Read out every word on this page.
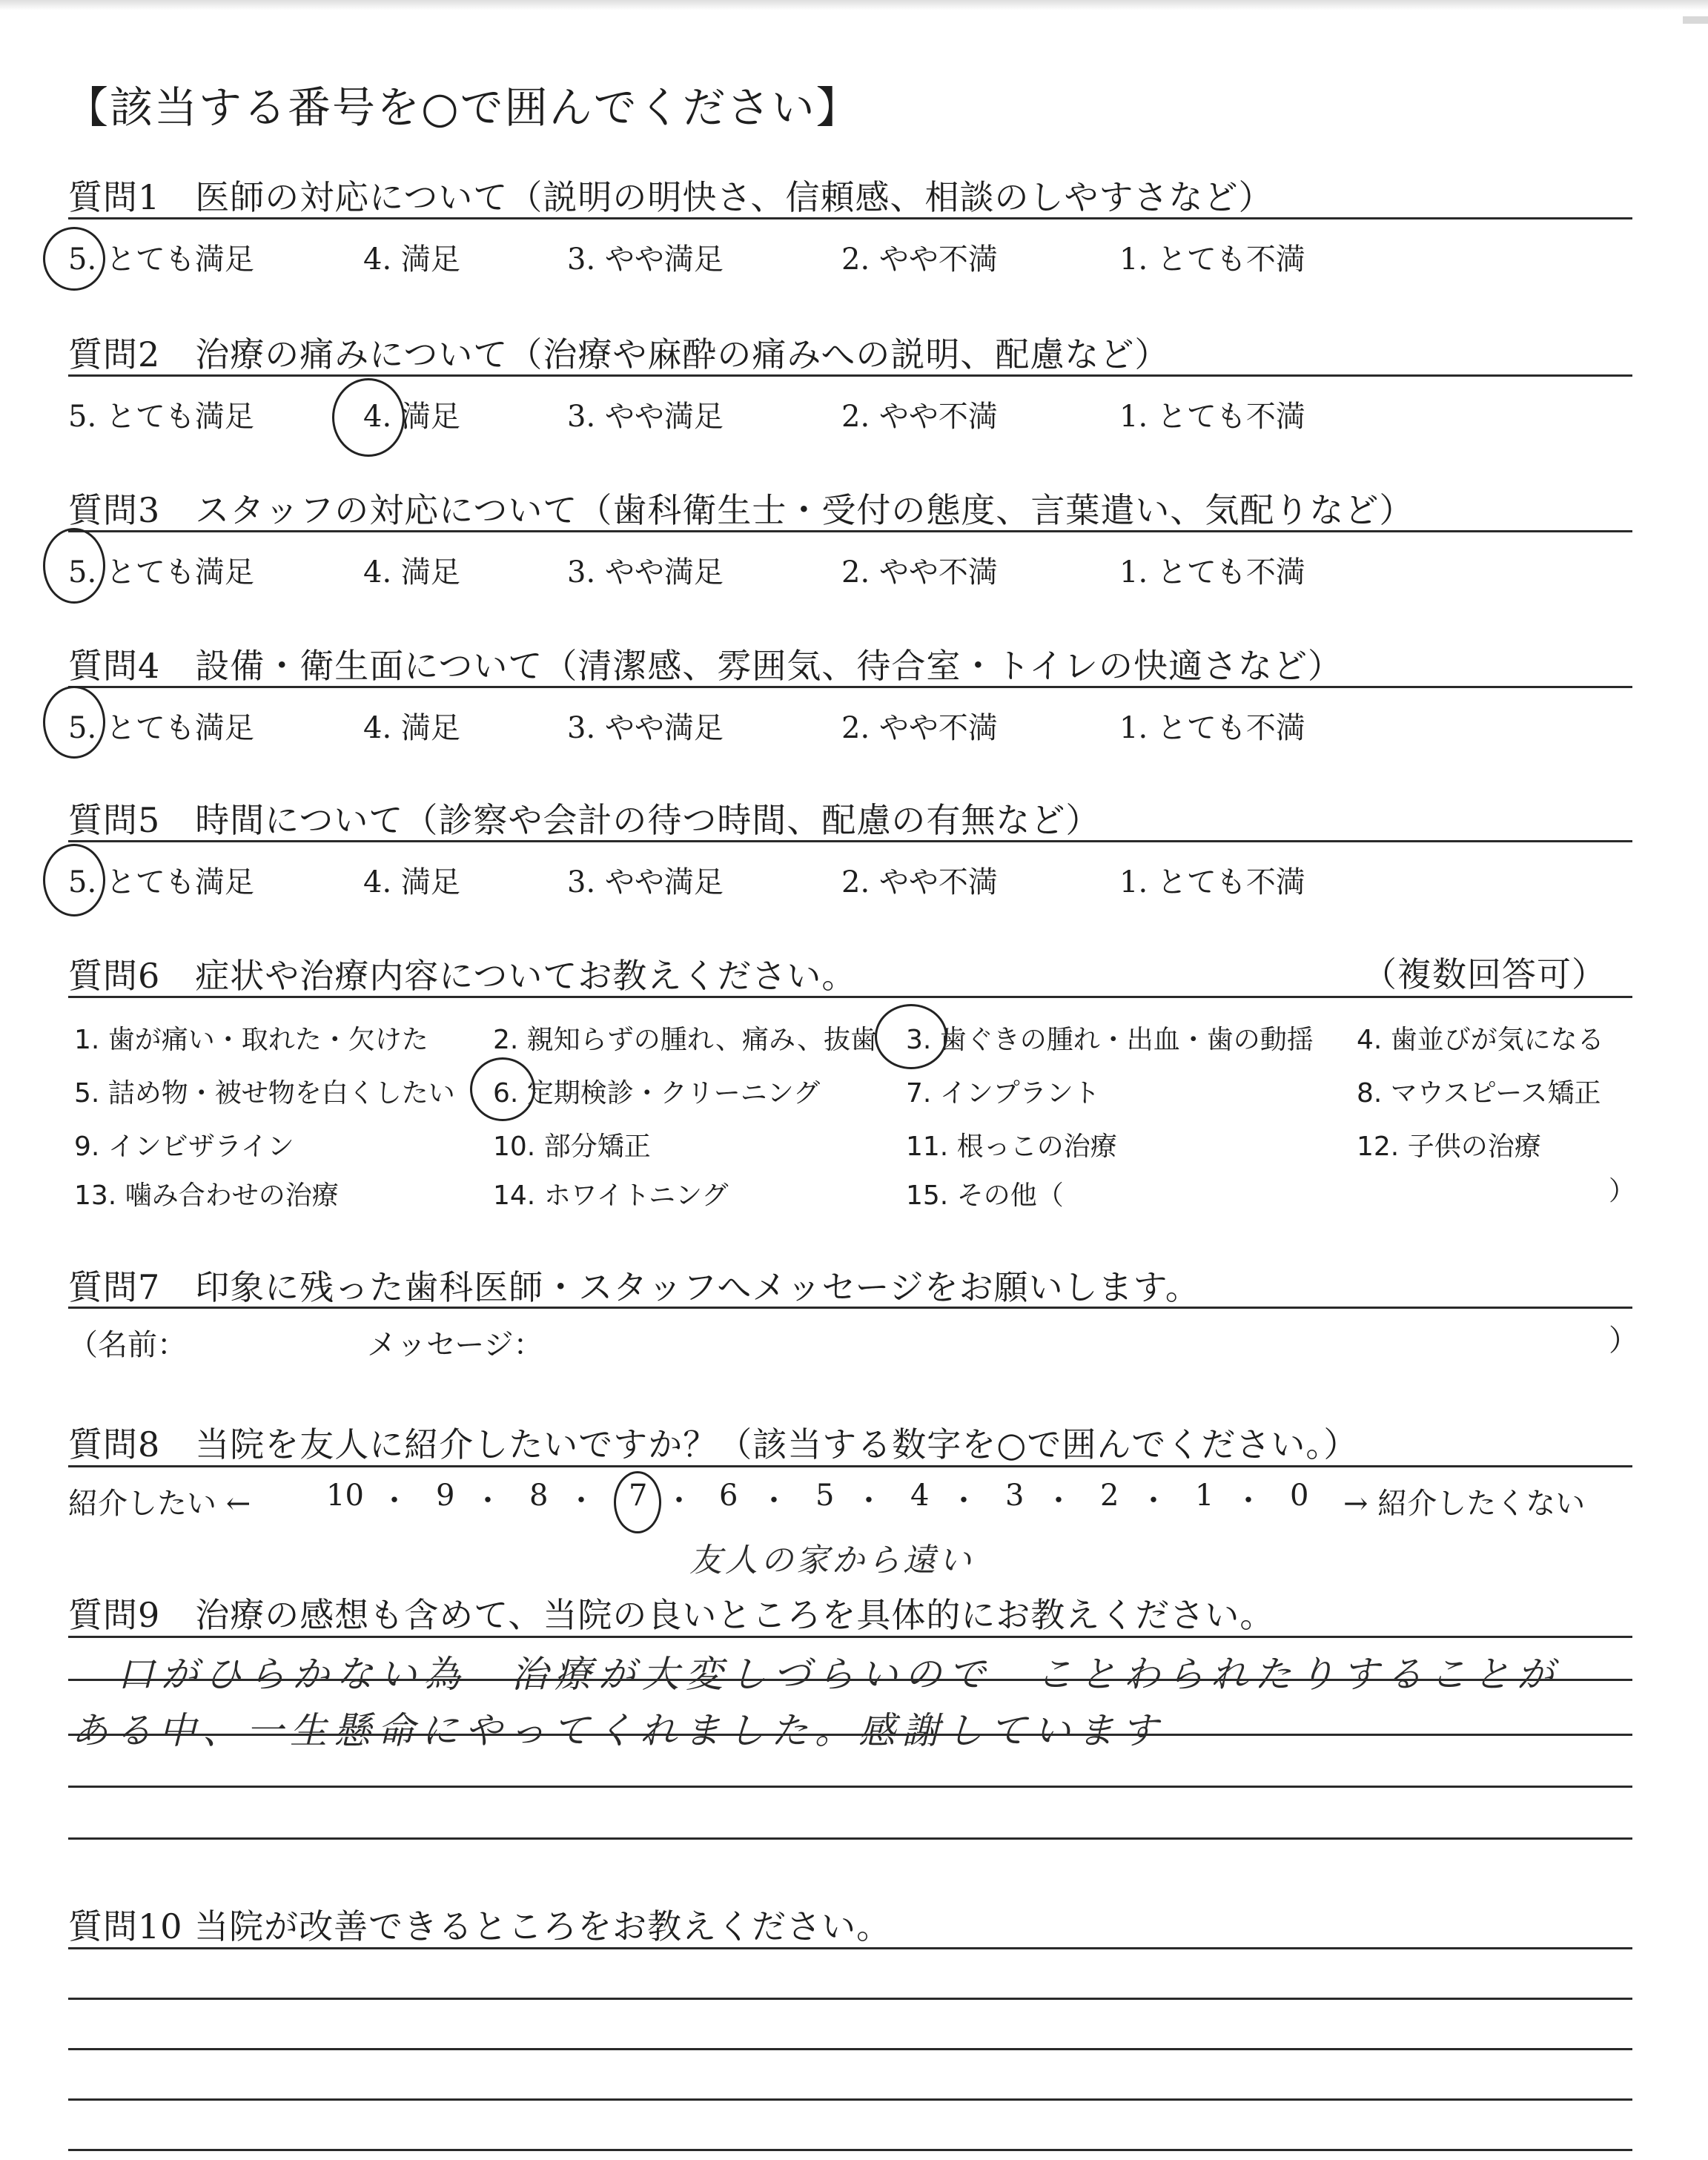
【該当する番号を○で囲んでください】
質問1　医師の対応について（説明の明快さ、信頼感、相談のしやすさなど）
5. とても満足	4. 満足	3. やや満足	2. やや不満	1. とても不満
質問2　治療の痛みについて（治療や麻酔の痛みへの説明、配慮など）
5. とても満足	4. 満足	3. やや満足	2. やや不満	1. とても不満
質問3　スタッフの対応について（歯科衛生士・受付の態度、言葉遣い、気配りなど）
5. とても満足	4. 満足	3. やや満足	2. やや不満	1. とても不満
質問4　設備・衛生面について（清潔感、雰囲気、待合室・トイレの快適さなど）
5. とても満足	4. 満足	3. やや満足	2. やや不満	1. とても不満
質問5　時間について（診察や会計の待つ時間、配慮の有無など）
5. とても満足	4. 満足	3. やや満足	2. やや不満	1. とても不満
質問6　症状や治療内容についてお教えください。	（複数回答可）
1. 歯が痛い・取れた・欠けた 2. 親知らずの腫れ、痛み、抜歯 3. 歯ぐきの腫れ・出血・歯の動揺 4. 歯並びが気になる
5. 詰め物・被せ物を白くしたい 6. 定期検診・クリーニング	7. インプラント	8. マウスピース矯正
9. インビザライン	10. 部分矯正	11. 根っこの治療	12. 子供の治療
13. 噛み合わせの治療	14. ホワイトニング	15. その他（	）
質問7　印象に残った歯科医師・スタッフへメッセージをお願いします。
（名前：	メッセージ：	）
質問8　当院を友人に紹介したいですか？（該当する数字を○で囲んでください。）
紹介したい ←	→ 紹介したくない
10 ・ 9 ・ 8 ・ 7 ・ 6 ・ 5 ・ 4 ・ 3 ・ 2 ・ 1 ・ 0
友人の家から遠い
質問9　治療の感想も含めて、当院の良いところを具体的にお教えください。
口がひらかない為　治療が大変しづらいので　ことわられたりすることが
ある中、一生懸命にやってくれました。感謝しています
質問10 当院が改善できるところをお教えください。
